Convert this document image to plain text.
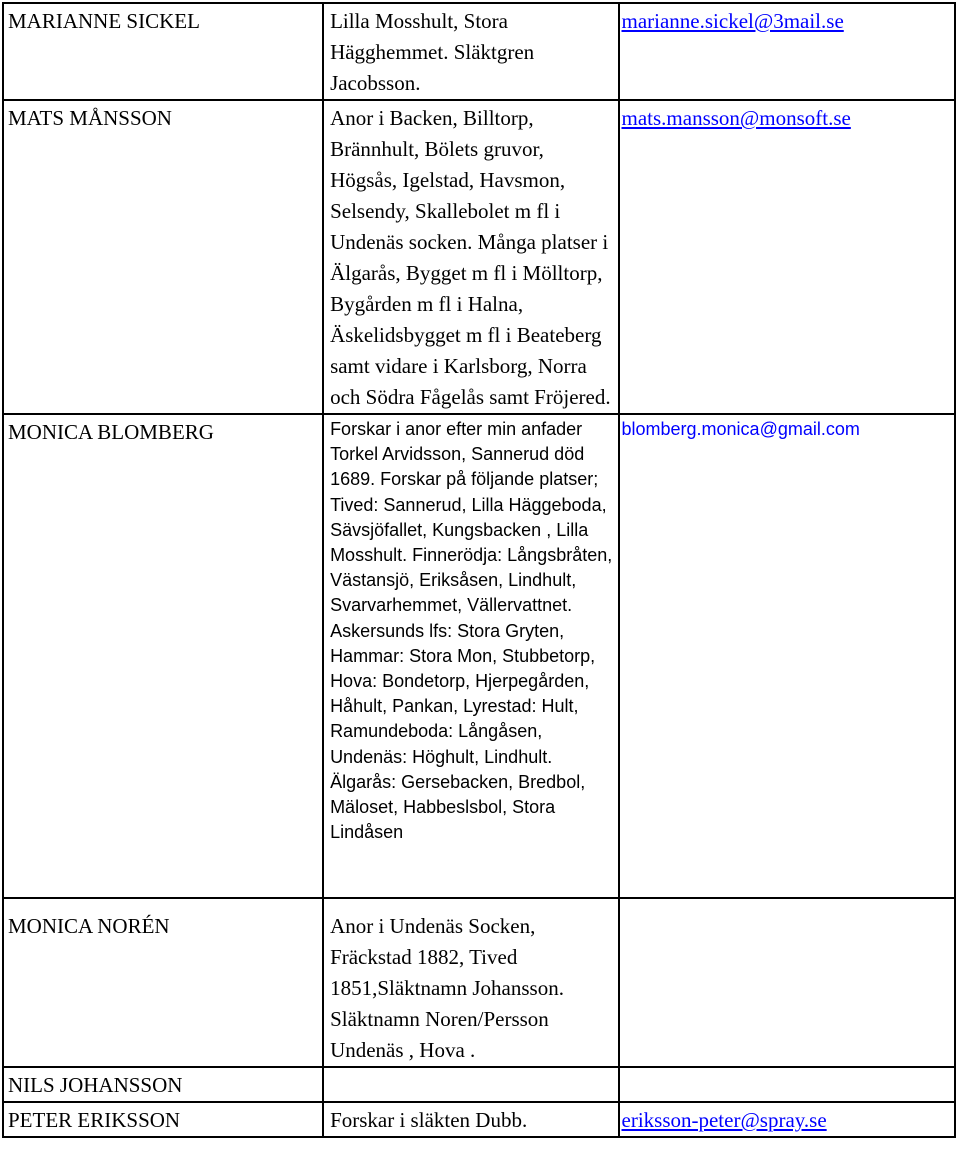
MARIANNE SICKEL	Lilla Mosshult, Stora Hägghemmet. Släktgren Jacobsson.	marianne.sickel@3mail.se
MATS MÅNSSON	Anor i Backen, Billtorp, Brännhult, Bölets gruvor, Högsås, Igelstad, Havsmon, Selsendy, Skallebolet m fl i Undenäs socken. Många platser i Älgarås, Bygget m fl i Mölltorp, Bygården m fl i Halna, Äskelidsbygget m fl i Beateberg samt vidare i Karlsborg, Norra och Södra Fågelås samt Fröjered.	mats.mansson@monsoft.se
MONICA BLOMBERG	Forskar i anor efter min anfader Torkel Arvidsson, Sannerud död 1689. Forskar på följande platser; Tived: Sannerud, Lilla Häggeboda, Sävsjöfallet, Kungsbacken , Lilla Mosshult. Finnerödja: Långsbråten, Västansjö, Eriksåsen, Lindhult, Svarvarhemmet, Vällervattnet. Askersunds lfs: Stora Gryten, Hammar: Stora Mon, Stubbetorp, Hova: Bondetorp, Hjerpegården, Håhult, Pankan, Lyrestad: Hult, Ramundeboda: Långåsen, Undenäs: Höghult, Lindhult. Älgarås: Gersebacken, Bredbol, Mäloset, Habbeslsbol, Stora Lindåsen	blomberg.monica@gmail.com
MONICA NORÉN	Anor i Undenäs Socken, Fräckstad 1882, Tived 1851,Släktnamn Johansson. Släktnamn Noren/Persson Undenäs , Hova .	
NILS JOHANSSON		
PETER ERIKSSON	Forskar i släkten Dubb.	eriksson-peter@spray.se
